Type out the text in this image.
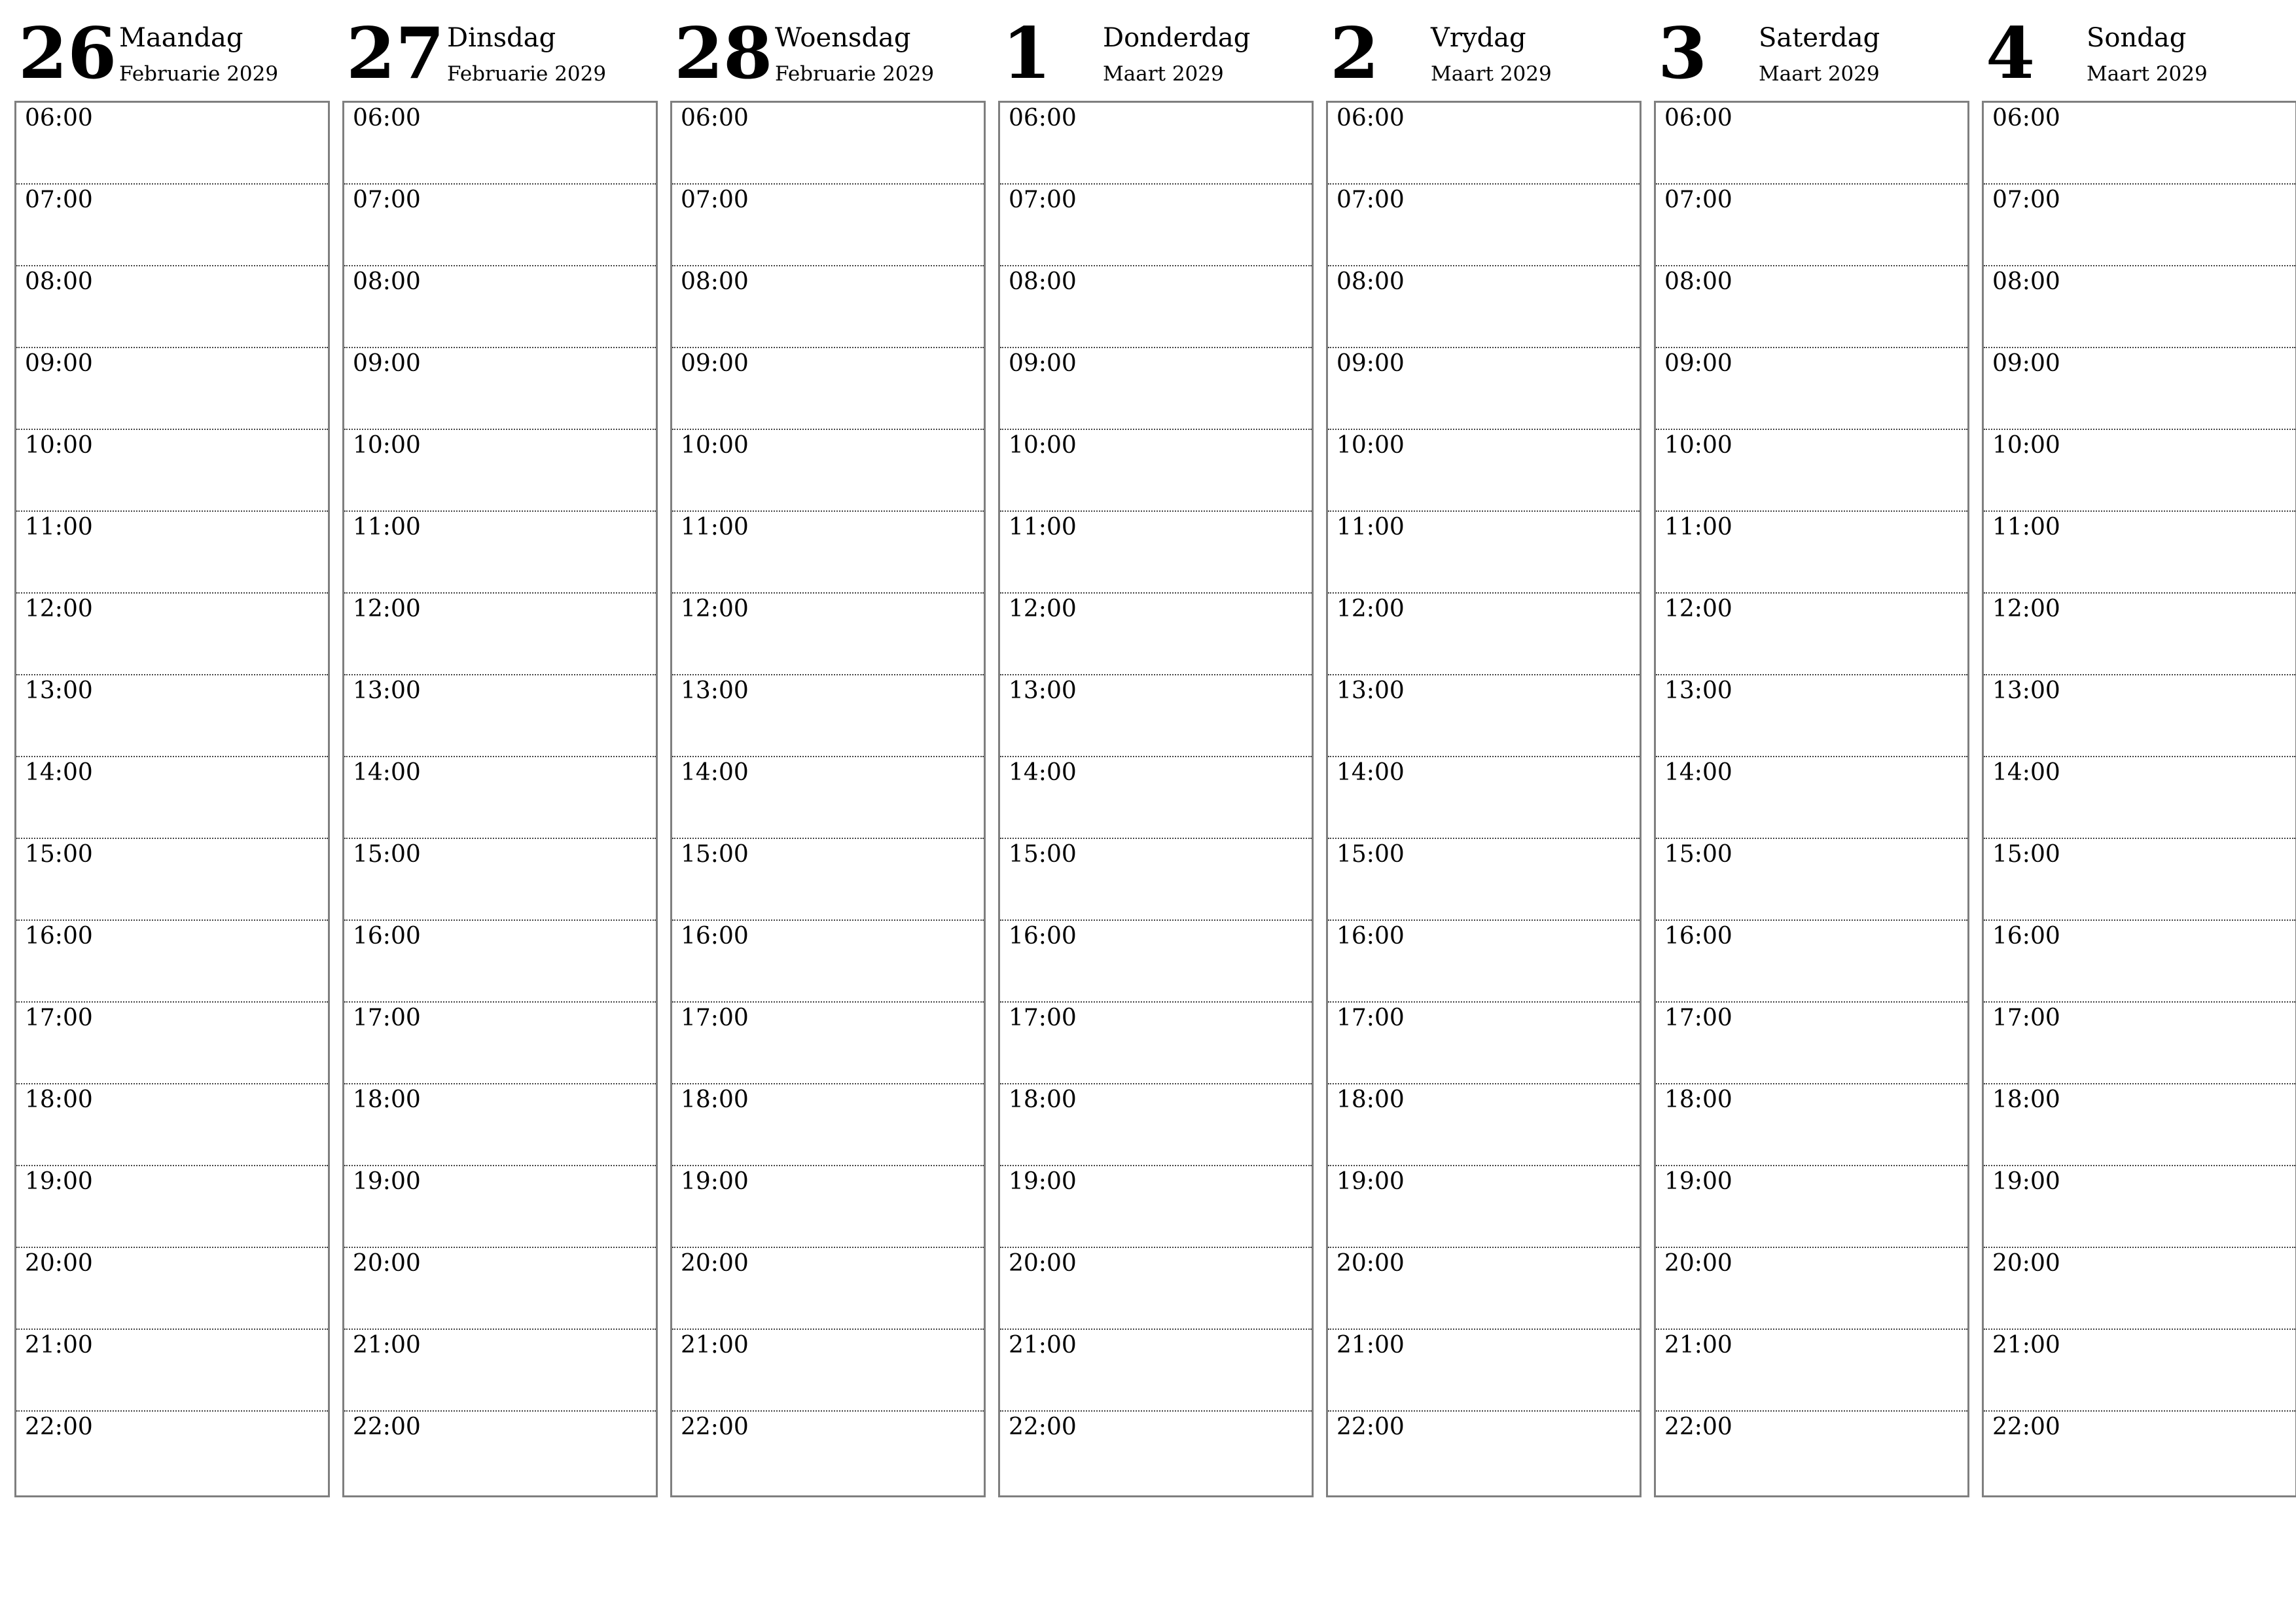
26 Maandag
Februarie 2029
06:00
07:00
08:00
09:00
10:00
11:00
12:00
13:00
14:00
15:00
16:00
17:00
18:00
19:00
20:00
21:00
22:00
27 Dinsdag
Februarie 2029
06:00
07:00
08:00
09:00
10:00
11:00
12:00
13:00
14:00
15:00
16:00
17:00
18:00
19:00
20:00
21:00
22:00
28 Woensdag
Februarie 2029
06:00
07:00
08:00
09:00
10:00
11:00
12:00
13:00
14:00
15:00
16:00
17:00
18:00
19:00
20:00
21:00
22:00
1 Donderdag
Maart 2029
06:00
07:00
08:00
09:00
10:00
11:00
12:00
13:00
14:00
15:00
16:00
17:00
18:00
19:00
20:00
21:00
22:00
2 Vrydag
Maart 2029
06:00
07:00
08:00
09:00
10:00
11:00
12:00
13:00
14:00
15:00
16:00
17:00
18:00
19:00
20:00
21:00
22:00
3 Saterdag
Maart 2029
06:00
07:00
08:00
09:00
10:00
11:00
12:00
13:00
14:00
15:00
16:00
17:00
18:00
19:00
20:00
21:00
22:00
4 Sondag
Maart 2029
06:00
07:00
08:00
09:00
10:00
11:00
12:00
13:00
14:00
15:00
16:00
17:00
18:00
19:00
20:00
21:00
22:00
